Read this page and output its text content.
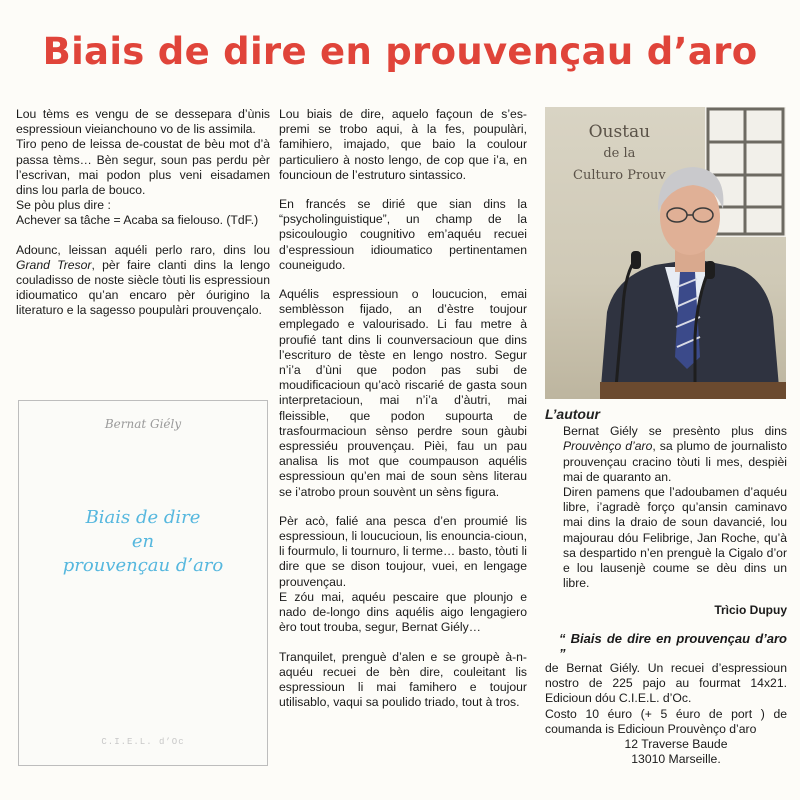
Biais de dire en prouvençau d’aro

Lou tèms es vengu de se dessepara d’ùnis espressioun vieianchouno vo de lis assimila.

Tiro peno de leissa de-coustat de bèu mot d’à passa tèms… Bèn segur, soun pas perdu pèr l’escrivan, mai podon plus veni eisadamen dins lou parla de bouco.

Se pòu plus dire :

Achever sa tâche = Acaba sa fielouso. (TdF.)

Adounc, leissan aquéli perlo raro, dins lou Grand Tresor, pèr faire clanti dins la lengo couladisso de noste siècle tòuti lis espressioun idioumatico qu’an encaro pèr óurigino la literaturo e la sagesso poupulàri prouvençalo.

Bernat Giély
Biais de dire
en
prouvençau d’aro
C.I.E.L. d’Oc

Lou biais de dire, aquelo façoun de s’es-premi se trobo aqui, à la fes, poupulàri, famihiero, imajado, que baio la coulour particuliero à nosto lengo, de cop que i’a, en founcioun de l’estruturo sintassico.

En francés se dirié que sian dins la “psycholinguistique”, un champ de la psicoulougìo cougnitivo em’aquéu recuei d’espressioun idioumatico pertinentamen couneigudo.

Aquélis espressioun o loucucion, emai semblèsson fijado, an d’èstre toujour emplegado e valourisado. Li fau metre à proufié tant dins li counversacioun que dins l’escrituro de tèste en lengo nostro. Segur n’i’a d’ùni que podon pas subi de moudificacioun qu’acò riscarié de gasta soun interpretacioun, mai n’i’a d’àutri, mai fleissible, que podon supourta de trasfourmacioun sènso perdre soun gàubi espressiéu prouvençau. Pièi, fau un pau analisa lis mot que coumpauson aquélis espressioun qu’en mai de soun sèns literau se i’atrobo proun souvènt un sèns figura.

Pèr acò, falié ana pesca d’en proumié lis espressioun, li loucucioun, lis enouncia-cioun, li fourmulo, li tournuro, li terme… basto, tòuti li dire que se dison toujour, vuei, en lengage prouvençau.

E zóu mai, aquéu pescaire que plounjo e nado de-longo dins aquélis aigo lengagiero èro tout trouba, segur, Bernat Giély…

Tranquilet, prenguè d’alen e se groupè à-n-aquéu recuei de bèn dire, couleitant lis espressioun li mai famihero e toujour utilisablo, vaqui sa poulido triado, tout à tros.

Oustau
de la
Culturo Prouv
L’autour

Bernat Giély se presènto plus dins Prouvènço d’aro, sa plumo de journalisto prouvençau cracino tòuti li mes, despièi mai de quaranto an.

Diren pamens que l’adoubamen d’aquéu libre, i’agradè forço qu’ansin caminavo mai dins la draio de soun davancié, lou majourau dóu Felibrige, Jan Roche, qu’à sa despartido n’en prenguè la Cigalo d’or e lou lausenjè coume se dèu dins un libre.

Trìcio Dupuy
“ Biais de dire en prouvençau d’aro ”

de Bernat Giély. Un recuei d’espressioun nostro de 225 pajo au fourmat 14x21. Edicioun dóu C.I.E.L. d’Oc.

Costo 10 éuro (+ 5 éuro de port ) de coumanda is Edicioun Prouvènço d’aro

12 Traverse Baude
13010 Marseille.
